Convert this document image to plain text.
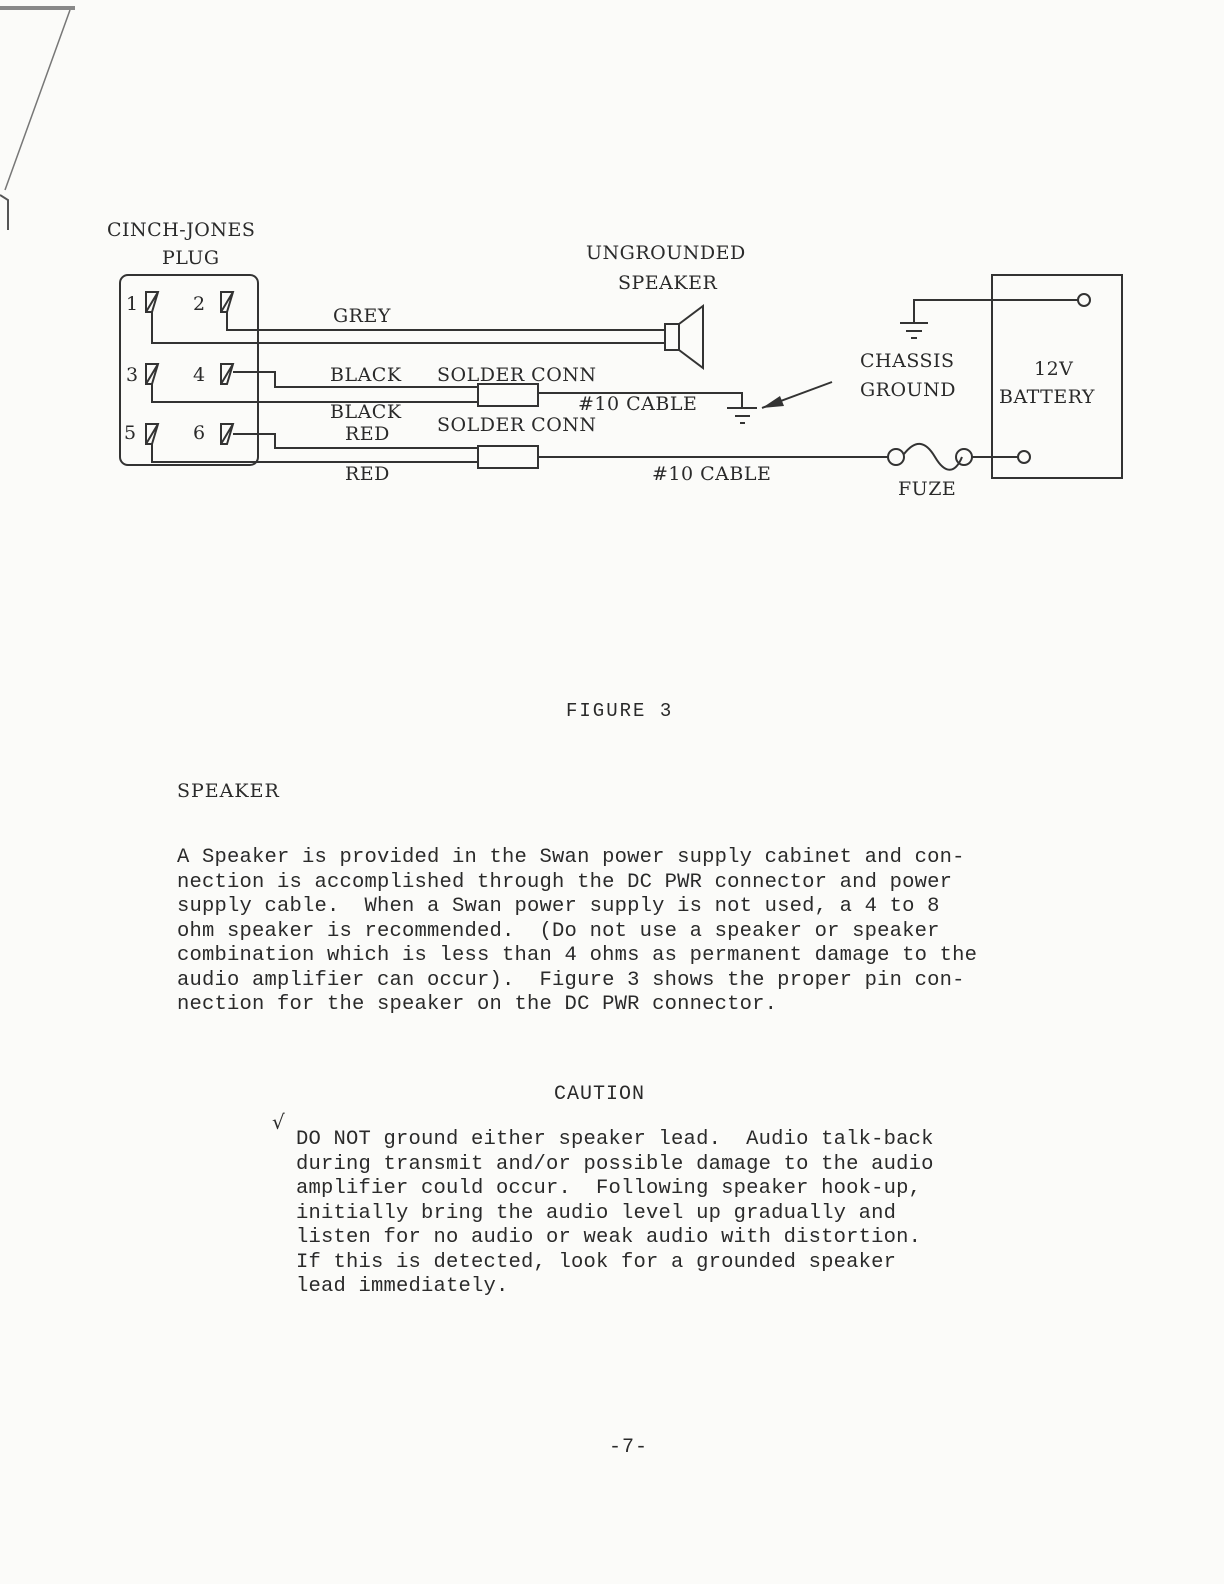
CINCH-JONES
PLUG
1	2
3	4
5	6
GREY
UNGROUNDED
SPEAKER
BLACK
BLACK
SOLDER CONN
#10 CABLE
RED
RED
SOLDER CONN
#10 CABLE
FUZE
CHASSIS
GROUND
12V
BATTERY
FIGURE 3
SPEAKER
A Speaker is provided in the Swan power supply cabinet and con-
nection is accomplished through the DC PWR connector and power
supply cable.  When a Swan power supply is not used, a 4 to 8
ohm speaker is recommended.  (Do not use a speaker or speaker
combination which is less than 4 ohms as permanent damage to the
audio amplifier can occur).  Figure 3 shows the proper pin con-
nection for the speaker on the DC PWR connector.
CAUTION
√
DO NOT ground either speaker lead.  Audio talk-back
during transmit and/or possible damage to the audio
amplifier could occur.  Following speaker hook-up,
initially bring the audio level up gradually and
listen for no audio or weak audio with distortion.
If this is detected, look for a grounded speaker
lead immediately.
-7-
